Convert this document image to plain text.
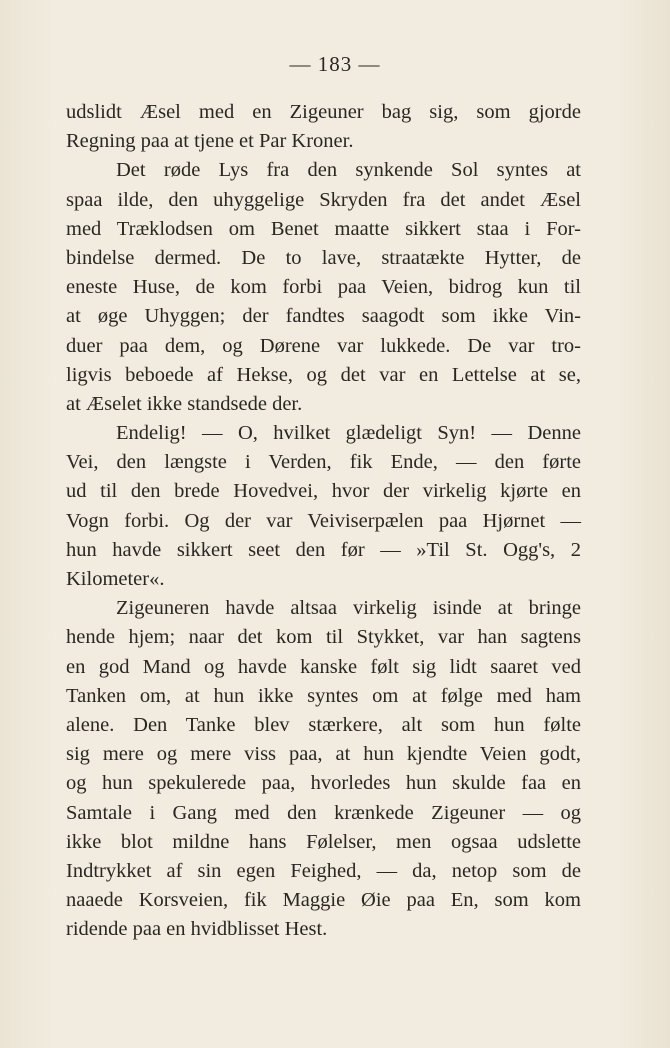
— 183 —
udslidt Æsel med en Zigeuner bag sig, som gjorde
Regning paa at tjene et Par Kroner.
Det røde Lys fra den synkende Sol syntes at
spaa ilde, den uhyggelige Skryden fra det andet Æsel
med Træklodsen om Benet maatte sikkert staa i For-
bindelse dermed. De to lave, straatækte Hytter, de
eneste Huse, de kom forbi paa Veien, bidrog kun til
at øge Uhyggen; der fandtes saagodt som ikke Vin-
duer paa dem, og Dørene var lukkede. De var tro-
ligvis beboede af Hekse, og det var en Lettelse at se,
at Æselet ikke standsede der.
Endelig! — O, hvilket glædeligt Syn! — Denne
Vei, den længste i Verden, fik Ende, — den førte
ud til den brede Hovedvei, hvor der virkelig kjørte en
Vogn forbi. Og der var Veiviserpælen paa Hjørnet —
hun havde sikkert seet den før — »Til St. Ogg's, 2
Kilometer«.
Zigeuneren havde altsaa virkelig isinde at bringe
hende hjem; naar det kom til Stykket, var han sagtens
en god Mand og havde kanske følt sig lidt saaret ved
Tanken om, at hun ikke syntes om at følge med ham
alene. Den Tanke blev stærkere, alt som hun følte
sig mere og mere viss paa, at hun kjendte Veien godt,
og hun spekulerede paa, hvorledes hun skulde faa en
Samtale i Gang med den krænkede Zigeuner — og
ikke blot mildne hans Følelser, men ogsaa udslette
Indtrykket af sin egen Feighed, — da, netop som de
naaede Korsveien, fik Maggie Øie paa En, som kom
ridende paa en hvidblisset Hest.
